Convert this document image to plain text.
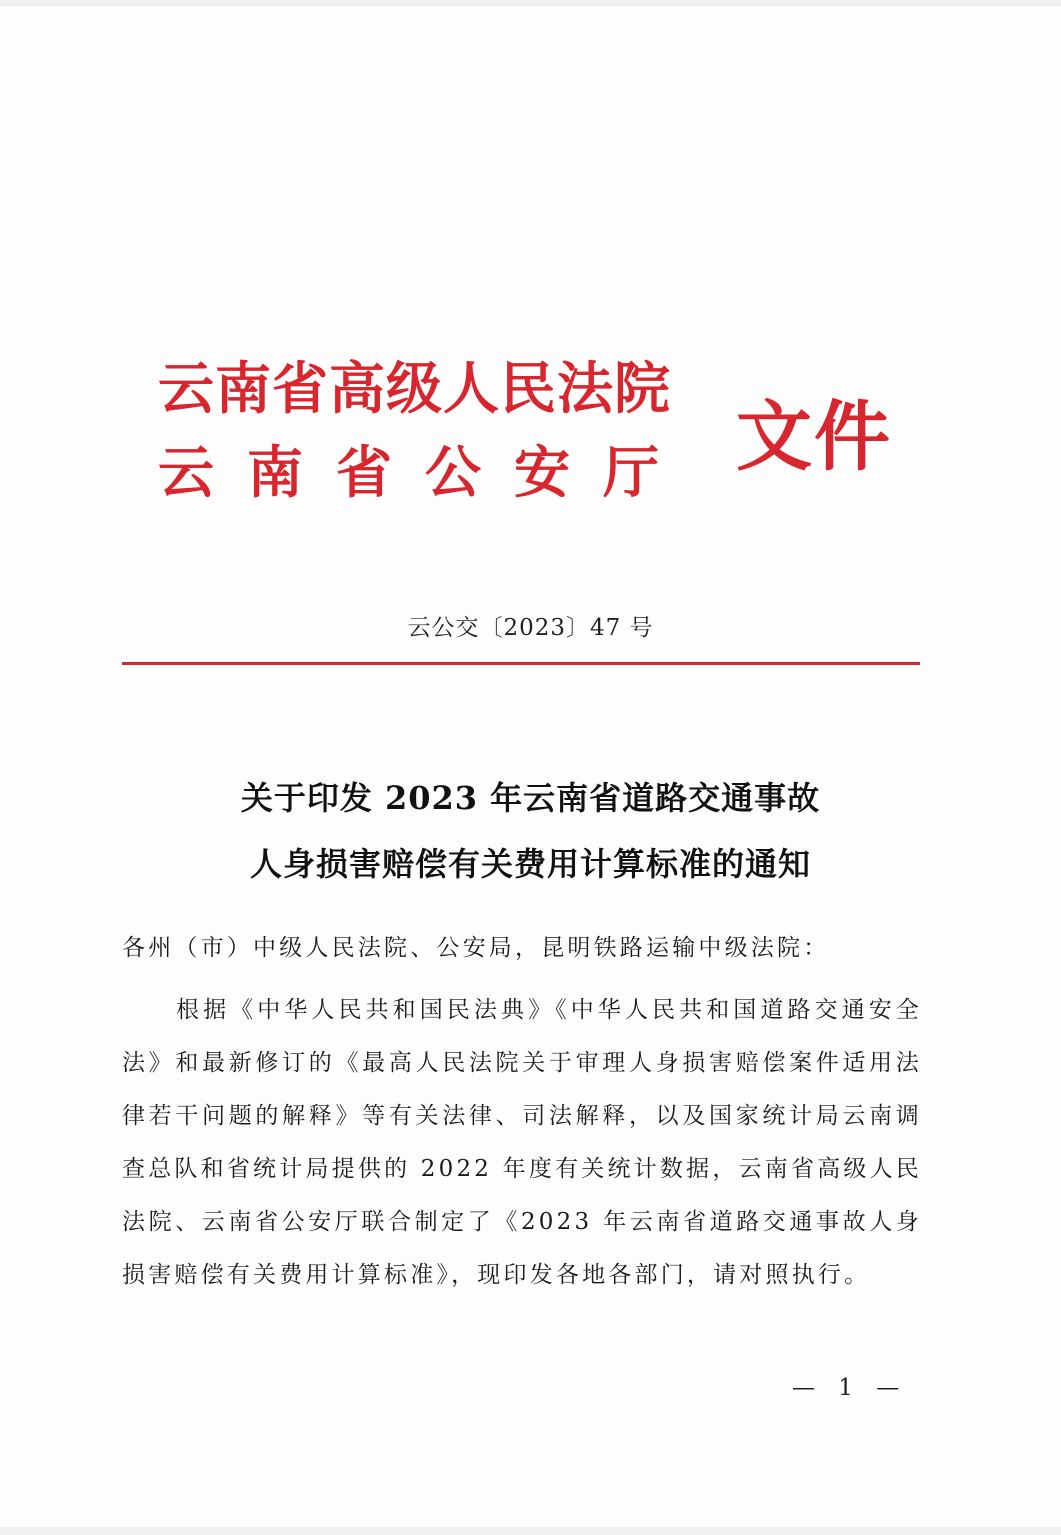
云南省高级人民法院
云南省公安厅 文件
云公交〔2023〕47 号
关于印发 2023 年云南省道路交通事故
人身损害赔偿有关费用计算标准的通知
各州（市）中级人民法院、公安局，昆明铁路运输中级法院：
根据《中华人民共和国民法典》《中华人民共和国道路交通安全法》和最新修订的《最高人民法院关于审理人身损害赔偿案件适用法律若干问题的解释》等有关法律、司法解释，以及国家统计局云南调查总队和省统计局提供的 2022 年度有关统计数据，云南省高级人民法院、云南省公安厅联合制定了《2023 年云南省道路交通事故人身损害赔偿有关费用计算标准》，现印发各地各部门，请对照执行。
— 1 —
